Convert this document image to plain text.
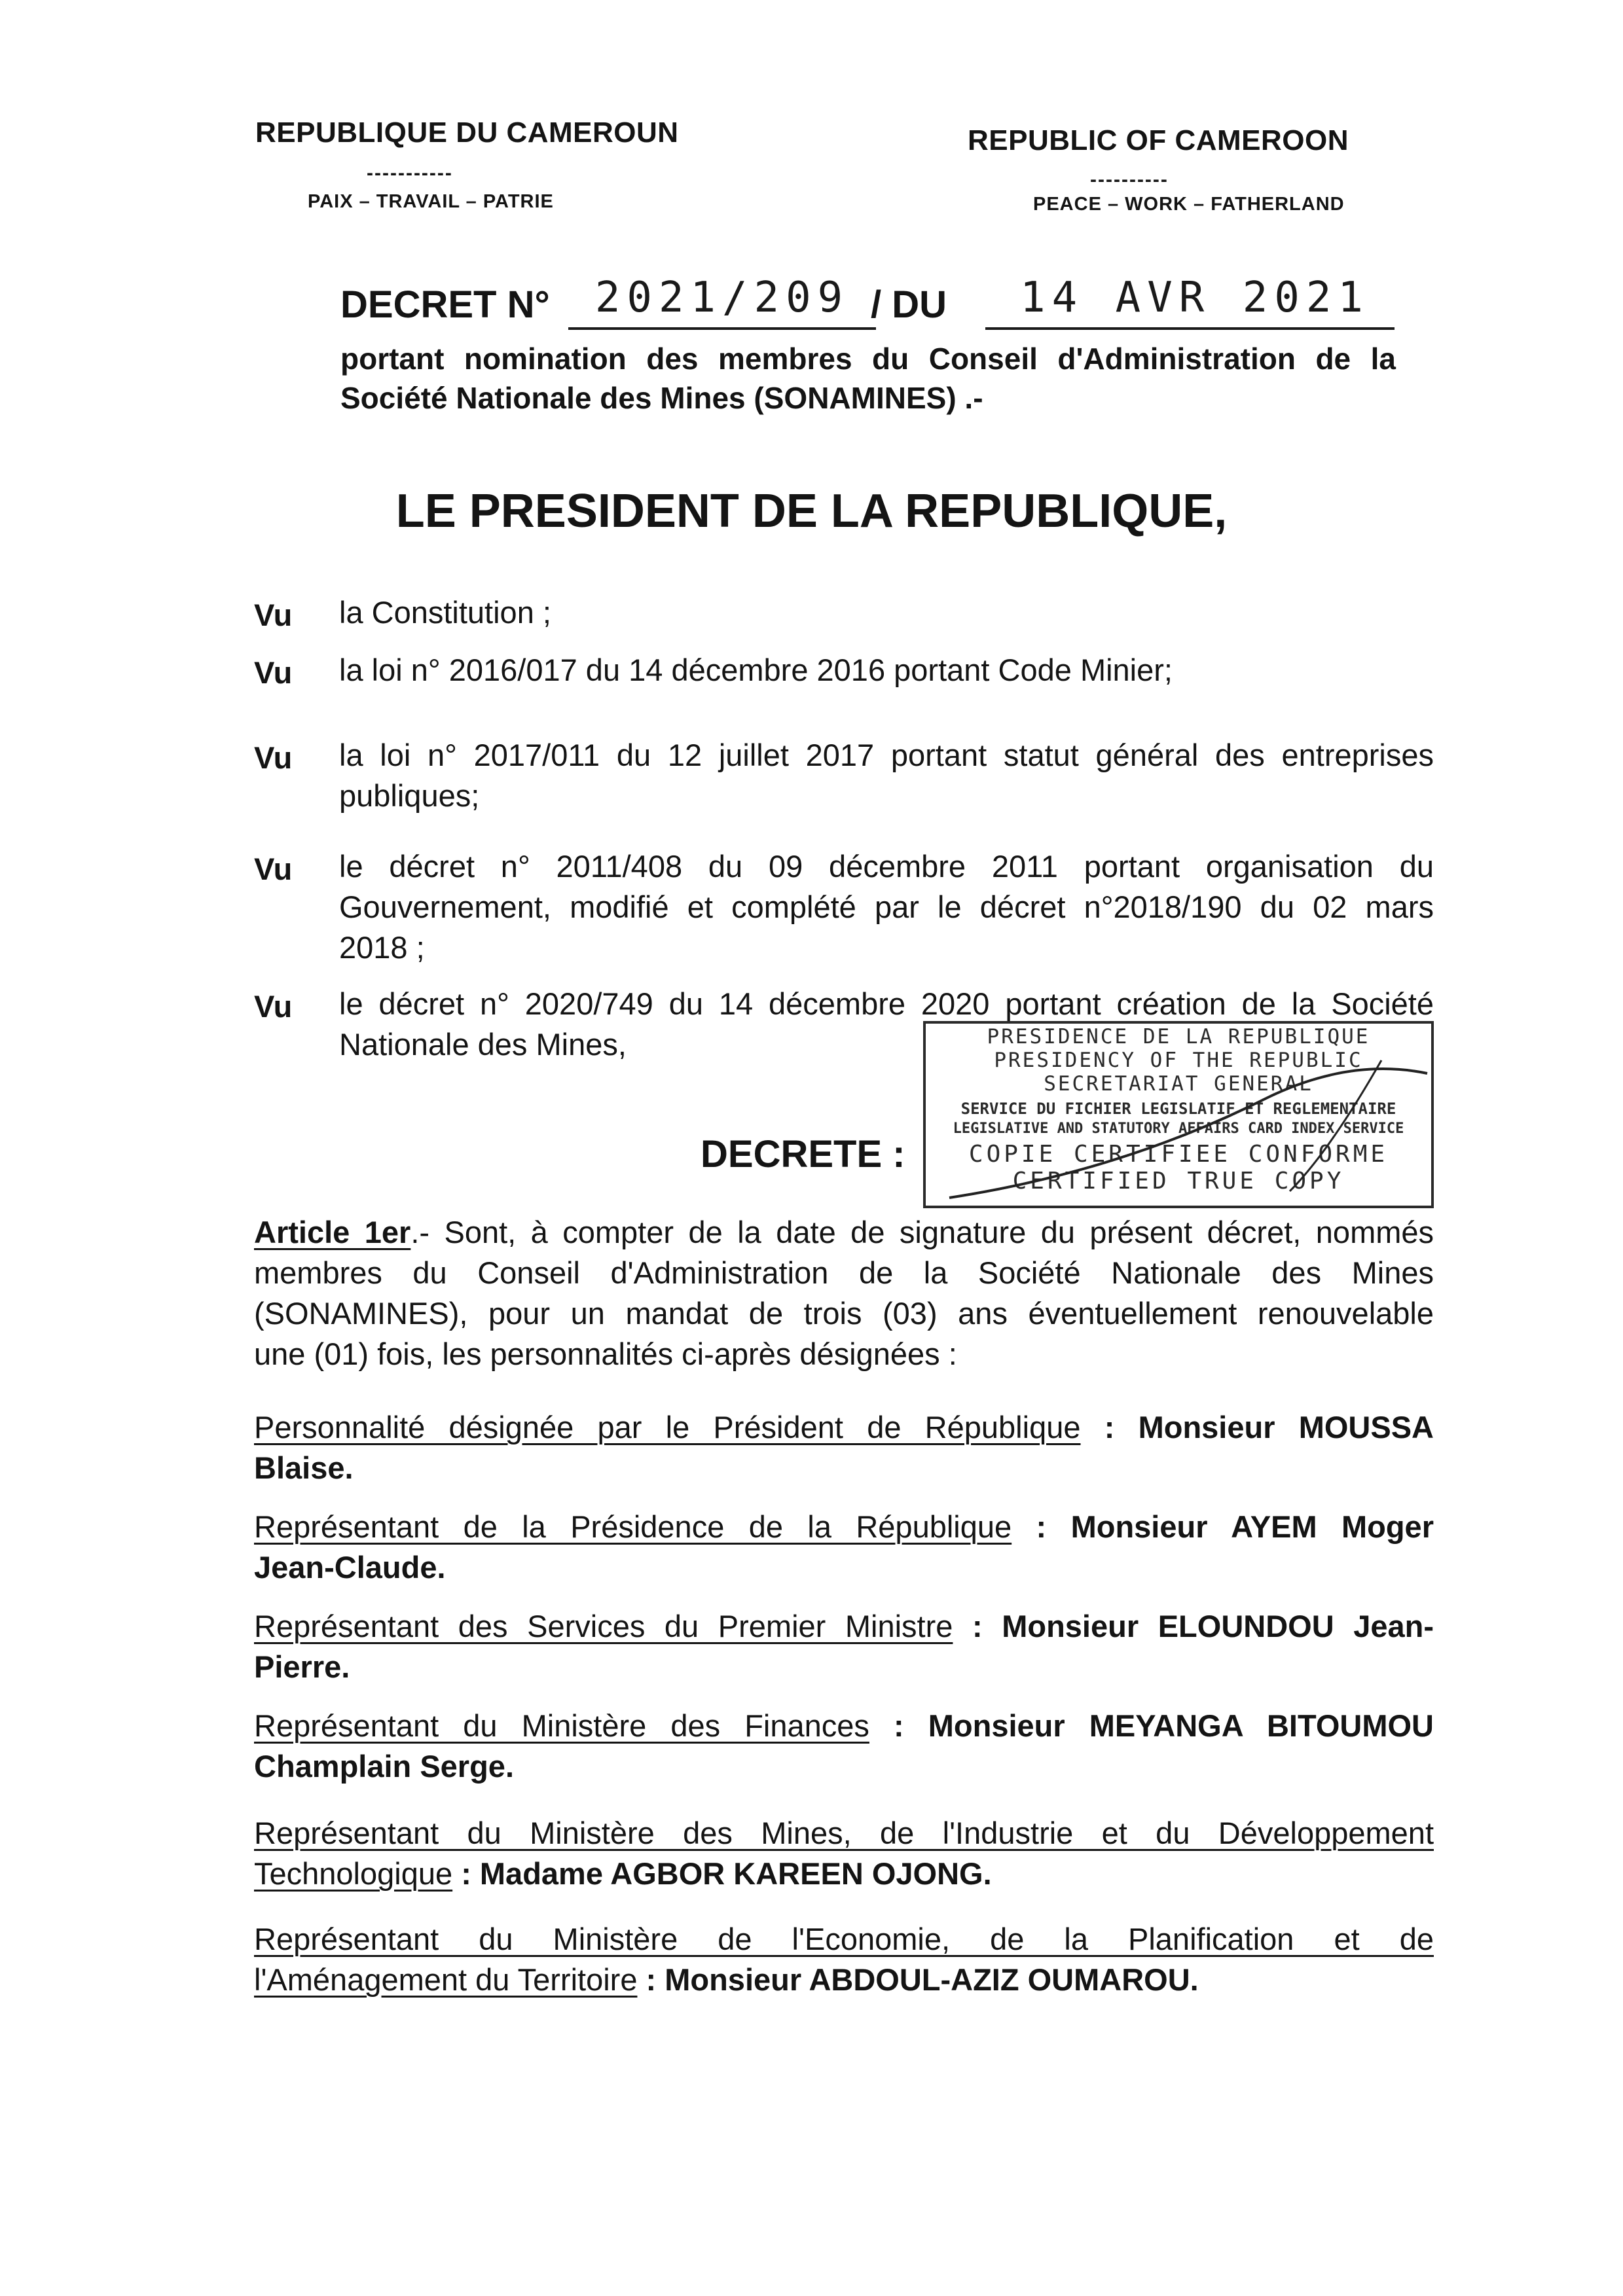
REPUBLIQUE DU CAMEROUN
-----------
PAIX – TRAVAIL – PATRIE
REPUBLIC OF CAMEROON
----------
PEACE – WORK – FATHERLAND
DECRET N°	2021/209 / DU	14 AVR 2021
portant nomination des membres du Conseil d'Administration de la
Société Nationale des Mines (SONAMINES) .-
LE PRESIDENT DE LA REPUBLIQUE,
Vu la Constitution ;
Vu la loi n° 2016/017 du 14 décembre 2016 portant Code Minier;
Vu la loi n° 2017/011 du 12 juillet 2017 portant statut général des entreprises
publiques;
Vu le décret n° 2011/408 du 09 décembre 2011 portant organisation du
Gouvernement, modifié et complété par le décret n°2018/190 du 02 mars
2018 ;
Vu le décret n° 2020/749 du 14 décembre 2020 portant création de la Société
Nationale des Mines,
DECRETE :
PRESIDENCE DE LA REPUBLIQUE
PRESIDENCY OF THE REPUBLIC
SECRETARIAT GENERAL
SERVICE DU FICHIER LEGISLATIF ET REGLEMENTAIRE
LEGISLATIVE AND STATUTORY AFFAIRS CARD INDEX SERVICE
COPIE CERTIFIEE CONFORME
CERTIFIED TRUE COPY
Article 1er.- Sont, à compter de la date de signature du présent décret, nommés
membres du Conseil d'Administration de la Société Nationale des Mines
(SONAMINES), pour un mandat de trois (03) ans éventuellement renouvelable
une (01) fois, les personnalités ci-après désignées :
Personnalité désignée par le Président de République : Monsieur MOUSSA
Blaise.
Représentant de la Présidence de la République : Monsieur AYEM Moger
Jean-Claude.
Représentant des Services du Premier Ministre : Monsieur ELOUNDOU Jean-
Pierre.
Représentant du Ministère des Finances : Monsieur MEYANGA BITOUMOU
Champlain Serge.
Représentant du Ministère des Mines, de l'Industrie et du Développement
Technologique : Madame AGBOR KAREEN OJONG.
Représentant du Ministère de l'Economie, de la Planification et de
l'Aménagement du Territoire : Monsieur ABDOUL-AZIZ OUMAROU.
